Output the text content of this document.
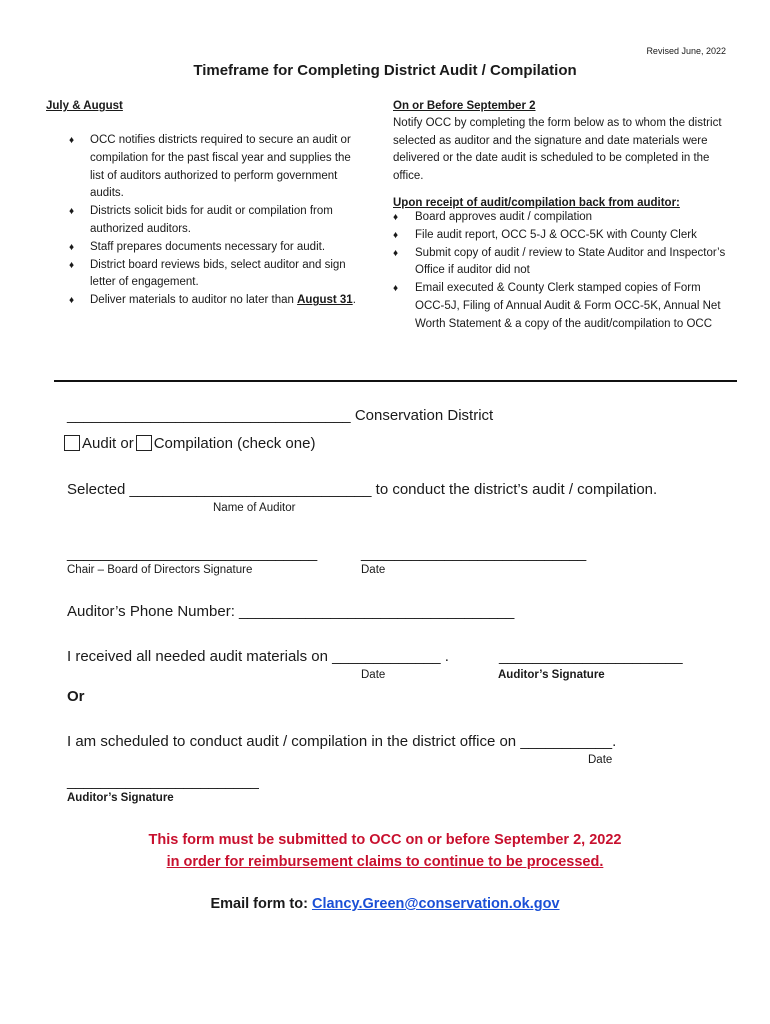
Revised June, 2022
Timeframe for Completing District Audit / Compilation
July & August
♦ OCC notifies districts required to secure an audit or compilation for the past fiscal year and supplies the list of auditors authorized to perform government audits.
♦ Districts solicit bids for audit or compilation from authorized auditors.
♦ Staff prepares documents necessary for audit.
♦ District board reviews bids, select auditor and sign letter of engagement.
♦ Deliver materials to auditor no later than August 31.
On or Before September 2
Notify OCC by completing the form below as to whom the district selected as auditor and the signature and date materials were delivered or the date audit is scheduled to be completed in the office.
Upon receipt of audit/compilation back from auditor:
♦ Board approves audit / compilation
♦ File audit report, OCC 5-J & OCC-5K with County Clerk
♦ Submit copy of audit / review to State Auditor and Inspector’s Office if auditor did not
♦ Email executed & County Clerk stamped copies of Form OCC-5J, Filing of Annual Audit & Form OCC-5K, Annual Net Worth Statement & a copy of the audit/compilation to OCC
__________________________________ Conservation District
Audit or Compilation (check one)
Selected _____________________________ to conduct the district’s audit / compilation.
Name of Auditor
______________________________	___________________________
Chair – Board of Directors Signature	Date
Auditor’s Phone Number: _________________________________
I received all needed audit materials on _____________ .	______________________
Date	Auditor’s Signature
Or
I am scheduled to conduct audit / compilation in the district office on ___________.
Date
_______________________
Auditor’s Signature
This form must be submitted to OCC on or before September 2, 2022
in order for reimbursement claims to continue to be processed.
Email form to: Clancy.Green@conservation.ok.gov
